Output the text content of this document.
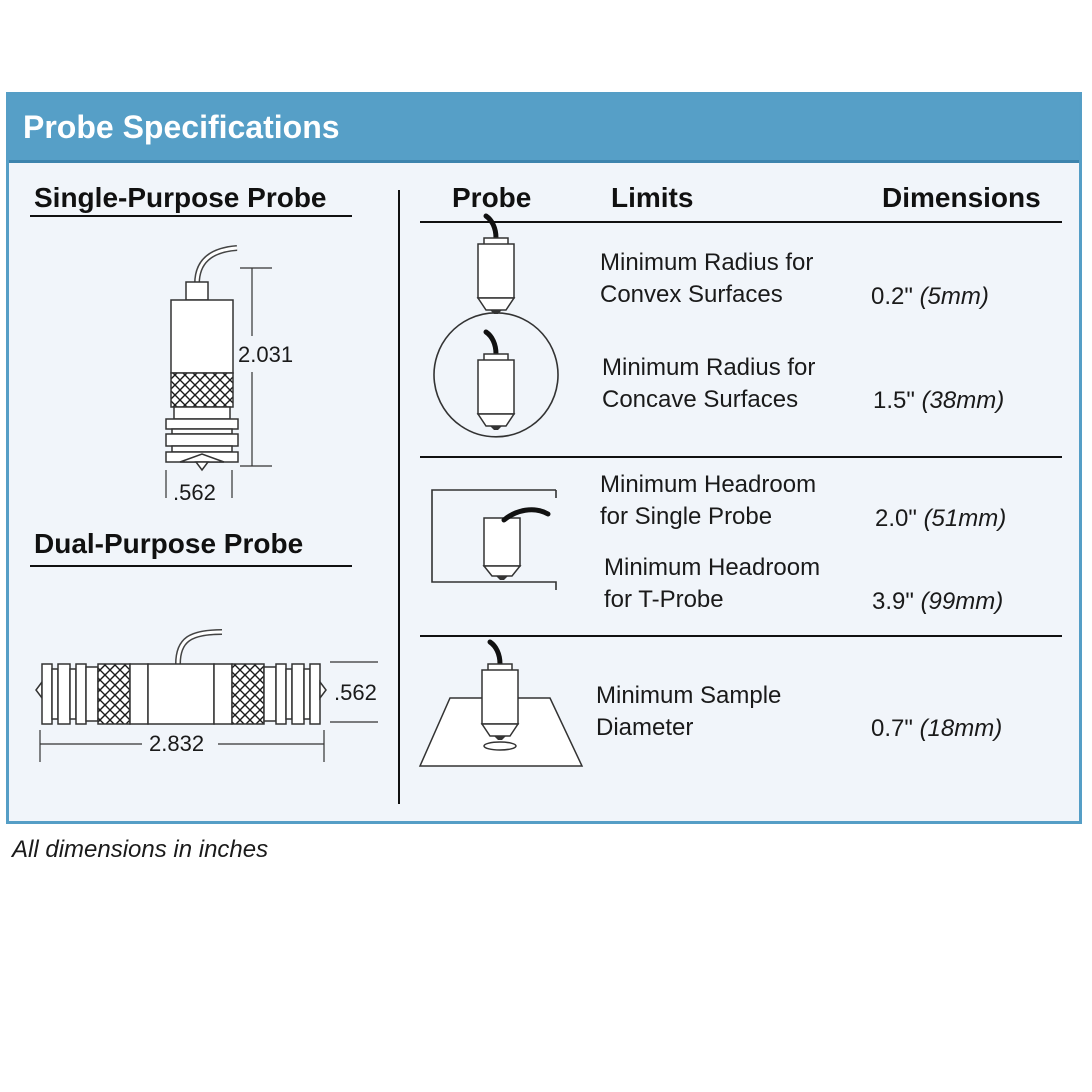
Probe Specifications
Single-Purpose Probe
Dual-Purpose Probe
2.031
.562
.562
2.832
Probe	Limits	Dimensions
Minimum Radius for
Convex Surfaces	0.2" (5mm)
Minimum Radius for
Concave Surfaces	1.5" (38mm)
Minimum Headroom
for Single Probe	2.0" (51mm)
Minimum Headroom
for T-Probe	3.9" (99mm)
Minimum Sample
Diameter	0.7" (18mm)
All dimensions in inches
